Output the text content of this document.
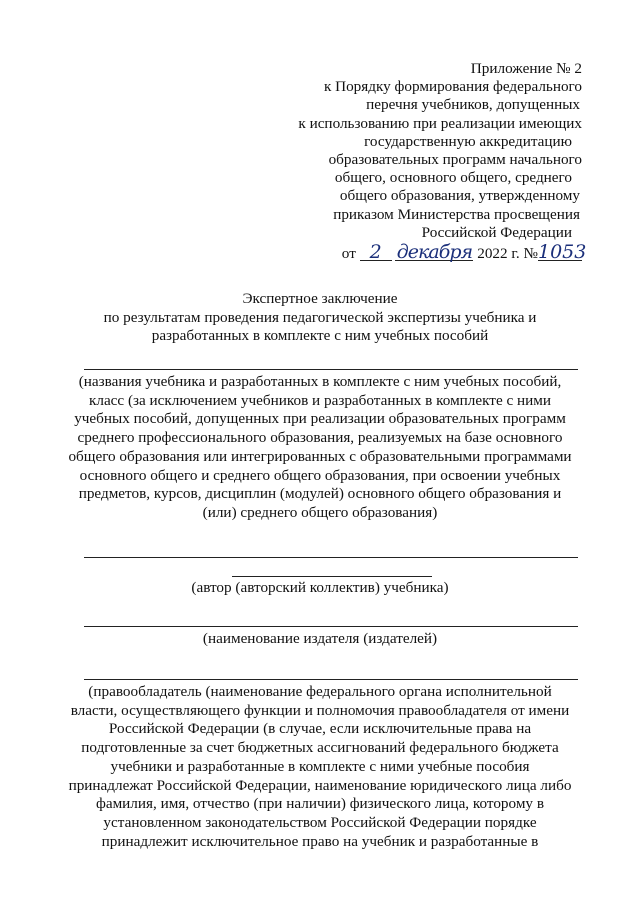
Приложение № 2
к Порядку формирования федерального
перечня учебников, допущенных
к использованию при реализации имеющих
государственную аккредитацию
образовательных программ начального
общего, основного общего, среднего
общего образования, утвержденному
приказом Министерства просвещения
Российской Федерации
от 2 декабря 2022 г. №1053
Экспертное заключение
по результатам проведения педагогической экспертизы учебника и
разработанных в комплекте с ним учебных пособий
(названия учебника и разработанных в комплекте с ним учебных пособий,
класс (за исключением учебников и разработанных в комплекте с ними
учебных пособий, допущенных при реализации образовательных программ
среднего профессионального образования, реализуемых на базе основного
общего образования или интегрированных с образовательными программами
основного общего и среднего общего образования, при освоении учебных
предметов, курсов, дисциплин (модулей) основного общего образования и
(или) среднего общего образования)
(автор (авторский коллектив) учебника)
(наименование издателя (издателей)
(правообладатель (наименование федерального органа исполнительной
власти, осуществляющего функции и полномочия правообладателя от имени
Российской Федерации (в случае, если исключительные права на
подготовленные за счет бюджетных ассигнований федерального бюджета
учебники и разработанные в комплекте с ними учебные пособия
принадлежат Российской Федерации, наименование юридического лица либо
фамилия, имя, отчество (при наличии) физического лица, которому в
установленном законодательством Российской Федерации порядке
принадлежит исключительное право на учебник и разработанные в
